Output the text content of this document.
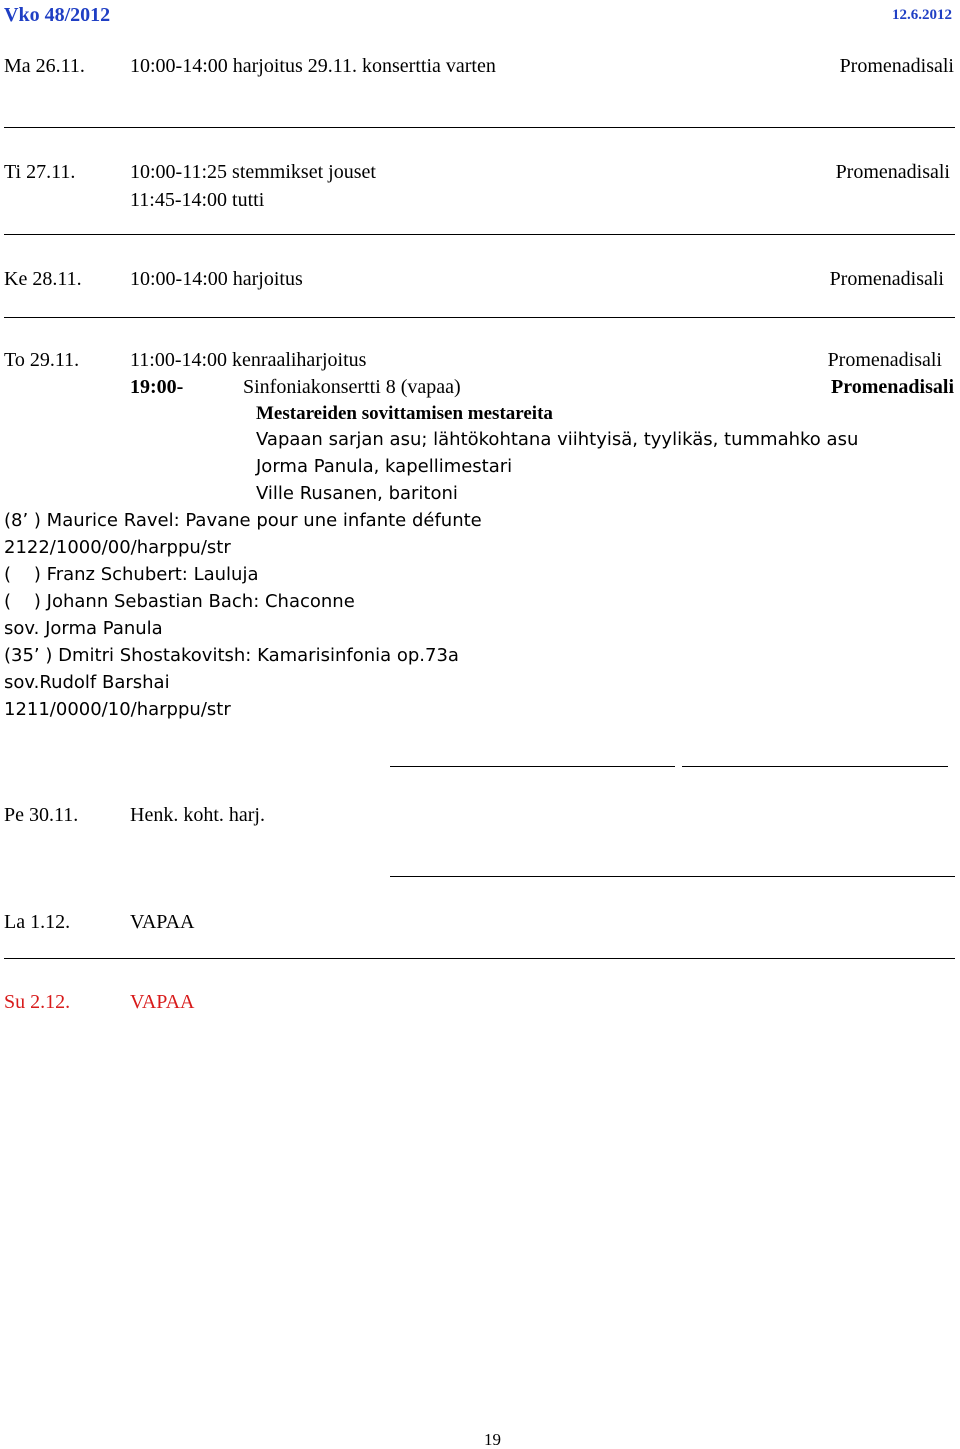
Vko 48/2012	12.6.2012
Ma 26.11. 10:00-14:00 harjoitus 29.11. konserttia varten	Promenadisali
Ti 27.11.	10:00-11:25 stemmikset jouset	Promenadisali
11:45-14:00 tutti
Ke 28.11. 10:00-14:00 harjoitus	Promenadisali
To 29.11.	11:00-14:00 kenraaliharjoitus	Promenadisali
19:00-	Sinfoniakonsertti 8 (vapaa)	Promenadisali
Mestareiden sovittamisen mestareita
Vapaan sarjan asu; lähtökohtana viihtyisä, tyylikäs, tummahko asu
Jorma Panula, kapellimestari
Ville Rusanen, baritoni
(8’ ) Maurice Ravel: Pavane pour une infante défunte
2122/1000/00/harppu/str
(    ) Franz Schubert: Lauluja
(    ) Johann Sebastian Bach: Chaconne
sov. Jorma Panula
(35’ ) Dmitri Shostakovitsh: Kamarisinfonia op.73a
sov.Rudolf Barshai
1211/0000/10/harppu/str
Pe 30.11.	Henk. koht. harj.
La 1.12.	VAPAA
Su 2.12.	VAPAA
19
